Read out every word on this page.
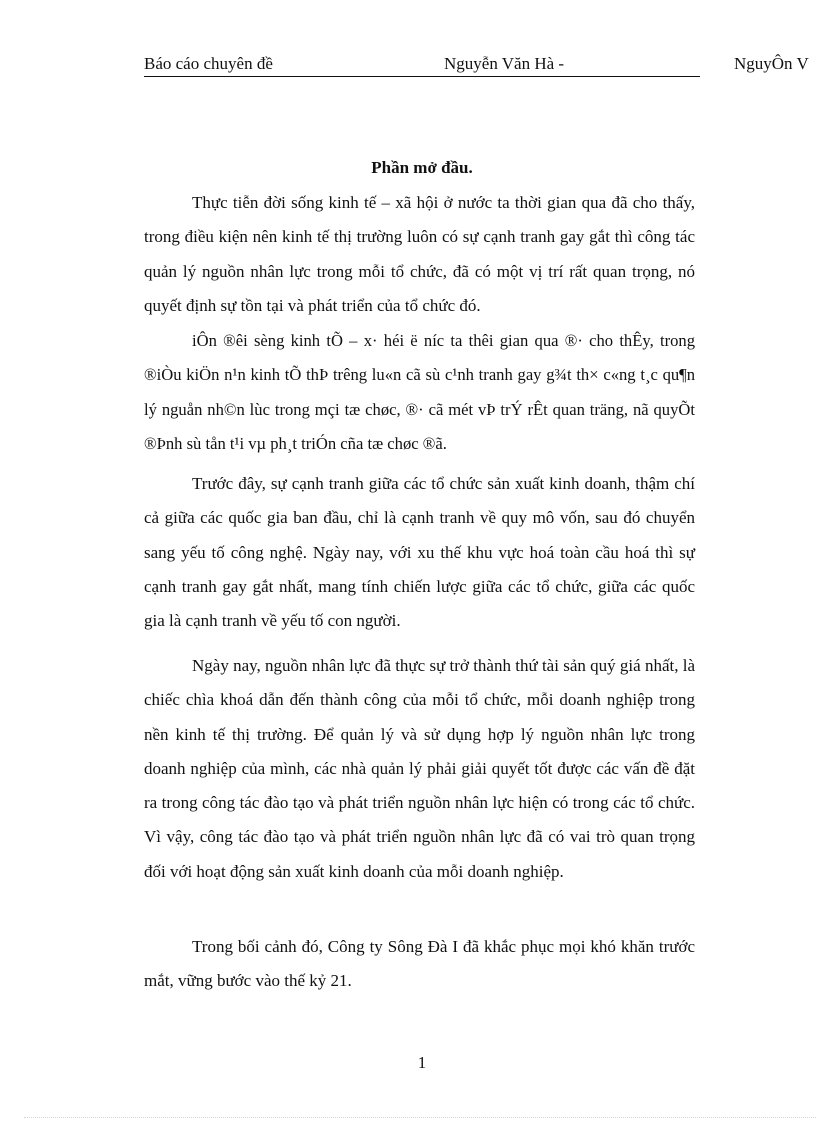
Báo cáo chuyên đề	Nguyễn Văn Hà -	NguyÔn V
Phần mở đầu.

Thực tiễn đời sống kinh tế – xã hội ở nước ta thời gian qua đã cho thấy, trong điều kiện nên kinh tế thị trường luôn có sự cạnh tranh gay gắt thì công tác quản lý nguồn nhân lực trong mỗi tổ chức, đã có một vị trí rất quan trọng, nó quyết định sự tồn tại và phát triển của tổ chức đó.

iÔn ®êi sèng kinh tÕ – x· héi ë níc ta thêi gian qua ®· cho thÊy, trong ®iÒu kiÖn n¹n kinh tÕ thÞ trêng lu«n cã sù c¹nh tranh gay g¾t th× c«ng t¸c qu¶n lý nguån nh©n lùc trong mçi tæ chøc, ®· cã mét vÞ trÝ rÊt quan träng, nã quyÕt ®Þnh sù tån t¹i vµ ph¸t triÓn cña tæ chøc ®ã.

Trước đây, sự cạnh tranh giữa các tổ chức sản xuất kinh doanh, thậm chí cả giữa các quốc gia ban đầu, chỉ là cạnh tranh về quy mô vốn, sau đó chuyển sang yếu tố công nghệ. Ngày nay, với xu thế khu vực hoá toàn cầu hoá thì sự cạnh tranh gay gắt nhất, mang tính chiến lược giữa các tổ chức, giữa các quốc gia là cạnh tranh về yếu tố con người.

Ngày nay, nguồn nhân lực đã thực sự trở thành thứ tài sản quý giá nhất, là chiếc chìa khoá dẫn đến thành công của mỗi tổ chức, mỗi doanh nghiệp trong nền kinh tế thị trường. Để quản lý và sử dụng hợp lý nguồn nhân lực trong doanh nghiệp của mình, các nhà quản lý phải giải quyết tốt được các vấn đề đặt ra trong công tác đào tạo và phát triển nguồn nhân lực hiện có trong các tổ chức. Vì vậy, công tác đào tạo và phát triển nguồn nhân lực đã có vai trò quan trọng đối với hoạt động sản xuất kinh doanh của mỗi doanh nghiệp.

Trong bối cảnh đó, Công ty Sông Đà I đã khắc phục mọi khó khăn trước mắt, vững bước vào thế kỷ 21.

1
